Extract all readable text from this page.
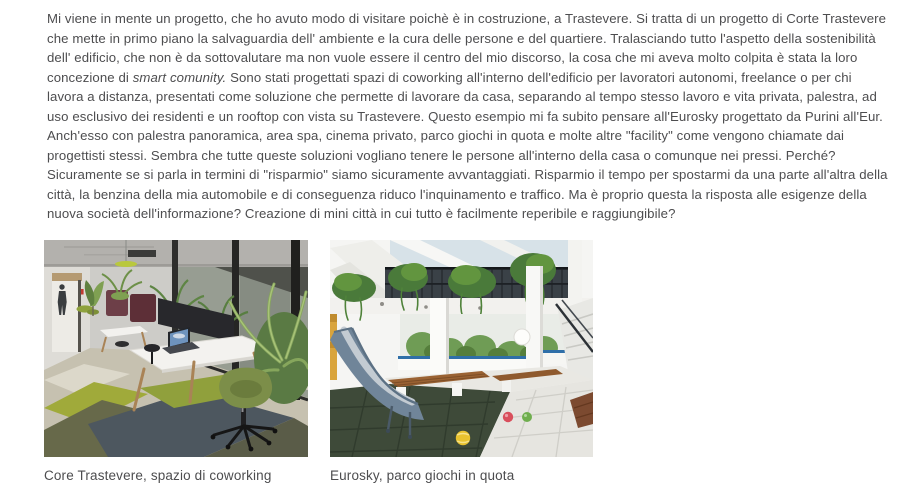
Mi viene in mente un progetto, che ho avuto modo di visitare poichè è in costruzione, a Trastevere. Si tratta di un progetto di Corte Trastevere che mette in primo piano la salvaguardia dell' ambiente e la cura delle persone e del quartiere. Tralasciando tutto l'aspetto della sostenibilità dell' edificio, che non è da sottovalutare ma non vuole essere il centro del mio discorso, la cosa che mi aveva molto colpita è stata la loro concezione di smart comunity. Sono stati progettati spazi di coworking all'interno dell'edificio per lavoratori autonomi, freelance o per chi lavora a distanza, presentati come soluzione che permette di lavorare da casa, separando al tempo stesso lavoro e vita privata, palestra, ad uso esclusivo dei residenti e un rooftop con vista su Trastevere. Questo esempio mi fa subito pensare all'Eurosky progettato da Purini all'Eur. Anch'esso con palestra panoramica, area spa, cinema privato, parco giochi in quota e molte altre "facility" come vengono chiamate dai progettisti stessi. Sembra che tutte queste soluzioni vogliano tenere le persone all'interno della casa o comunque nei pressi. Perché? Sicuramente se si parla in termini di "risparmio" siamo sicuramente avvantaggiati. Risparmio il tempo per spostarmi da una parte all'altra della città, la benzina della mia automobile e di conseguenza riduco l'inquinamento e traffico. Ma è proprio questa la risposta alle esigenze della nuova società dell'informazione? Creazione di mini città in cui tutto è facilmente reperibile e raggiungibile?

Core Trastevere, spazio di coworking	Eurosky, parco giochi in quota
